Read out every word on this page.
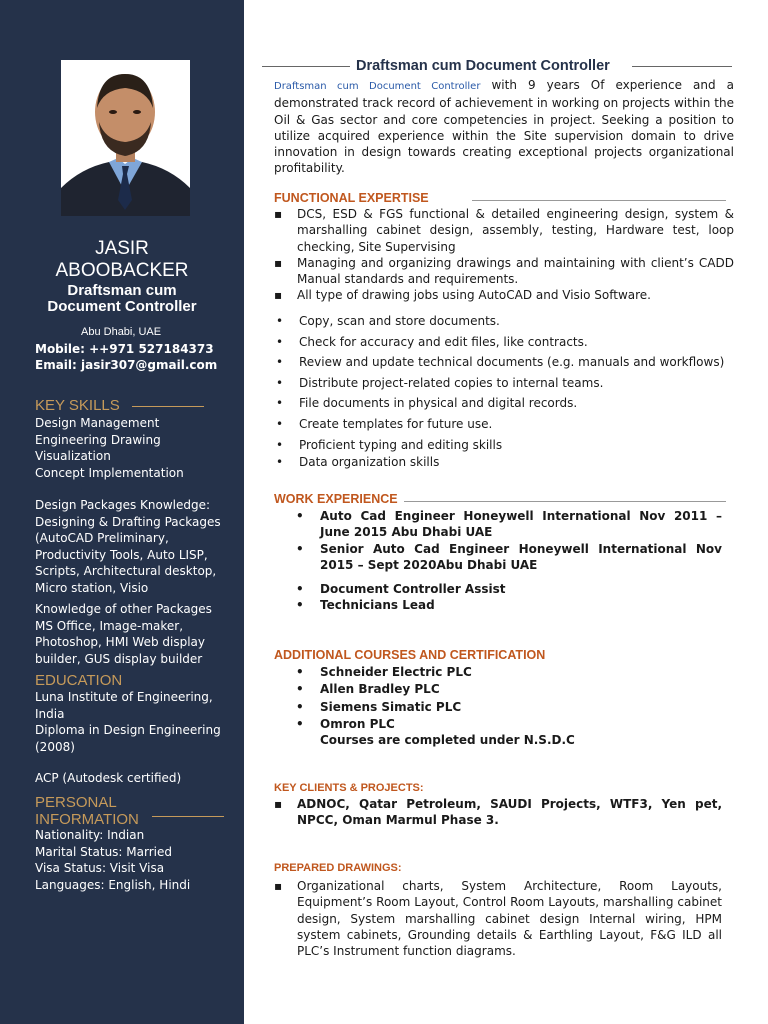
JASIR
ABOOBACKER
Draftsman cum
Document Controller
Abu Dhabi, UAE
Mobile: ++971 527184373
Email: jasir307@gmail.com
KEY SKILLS
Design Management
Engineering Drawing
Visualization
Concept Implementation
Design Packages Knowledge:
Designing & Drafting Packages
(AutoCAD Preliminary,
Productivity Tools, Auto LISP,
Scripts, Architectural desktop,
Micro station, Visio
Knowledge of other Packages
MS Office, Image-maker,
Photoshop, HMI Web display
builder, GUS display builder
EDUCATION
Luna Institute of Engineering,
India
Diploma in Design Engineering
(2008)
ACP (Autodesk certified)
PERSONAL
INFORMATION
Nationality: Indian
Marital Status: Married
Visa Status: Visit Visa
Languages: English, Hindi
Draftsman cum Document Controller
Draftsman cum Document Controller with 9 years Of experience and a demonstrated track record of achievement in working on projects within the Oil & Gas sector and core competencies in project. Seeking a position to utilize acquired experience within the Site supervision domain to drive innovation in design towards creating exceptional projects organizational profitability.
FUNCTIONAL EXPERTISE
▪ DCS, ESD & FGS functional & detailed engineering design, system & marshalling cabinet design, assembly, testing, Hardware test, loop checking, Site Supervising
▪ Managing and organizing drawings and maintaining with client’s CADD Manual standards and requirements.
▪ All type of drawing jobs using AutoCAD and Visio Software.
• Copy, scan and store documents.
• Check for accuracy and edit files, like contracts.
• Review and update technical documents (e.g. manuals and workflows)
• Distribute project-related copies to internal teams.
• File documents in physical and digital records.
• Create templates for future use.
• Proficient typing and editing skills
• Data organization skills
WORK EXPERIENCE
• Auto Cad Engineer Honeywell International Nov 2011 – June 2015 Abu Dhabi UAE
• Senior Auto Cad Engineer Honeywell International Nov 2015 – Sept 2020Abu Dhabi UAE
• Document Controller Assist
• Technicians Lead
ADDITIONAL COURSES AND CERTIFICATION
• Schneider Electric PLC
• Allen Bradley PLC
• Siemens Simatic PLC
• Omron PLC
Courses are completed under N.S.D.C
KEY CLIENTS & PROJECTS:
▪ ADNOC, Qatar Petroleum, SAUDI Projects, WTF3, Yen pet, NPCC, Oman Marmul Phase 3.
PREPARED DRAWINGS:
▪ Organizational charts, System Architecture, Room Layouts, Equipment’s Room Layout, Control Room Layouts, marshalling cabinet design, System marshalling cabinet design Internal wiring, HPM system cabinets, Grounding details & Earthling Layout, F&G ILD all PLC’s Instrument function diagrams.
